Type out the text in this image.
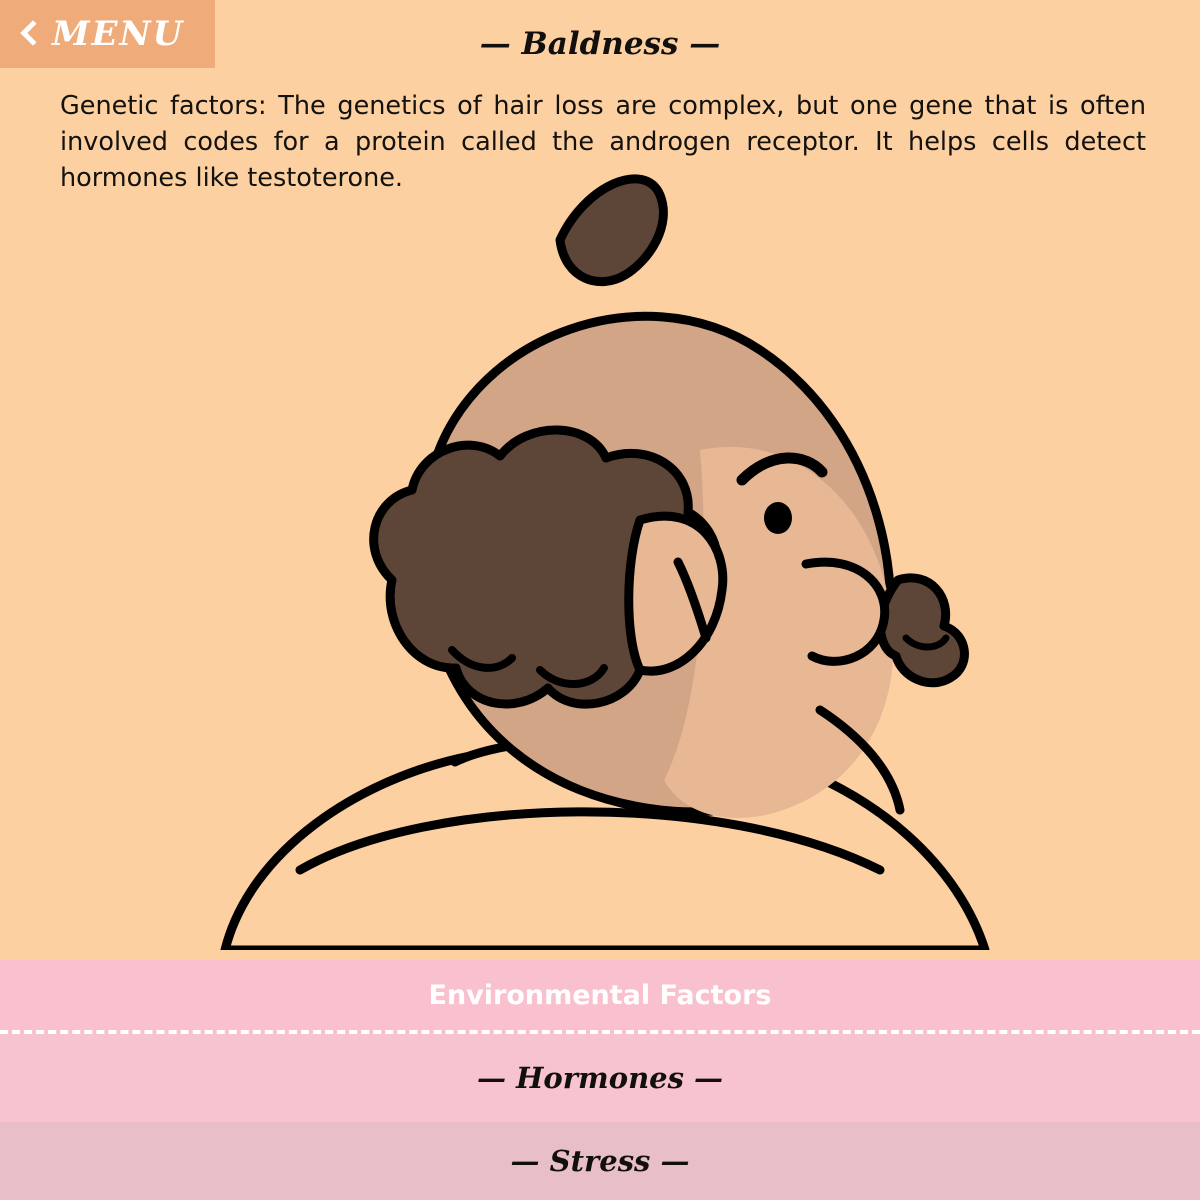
MENU	— Baldness —
Genetic factors: The genetics of hair loss are complex, but one gene that is often involved codes for a protein called the androgen receptor. It helps cells detect hormones like testoterone.
Environmental Factors
— Hormones —
— Stress —
